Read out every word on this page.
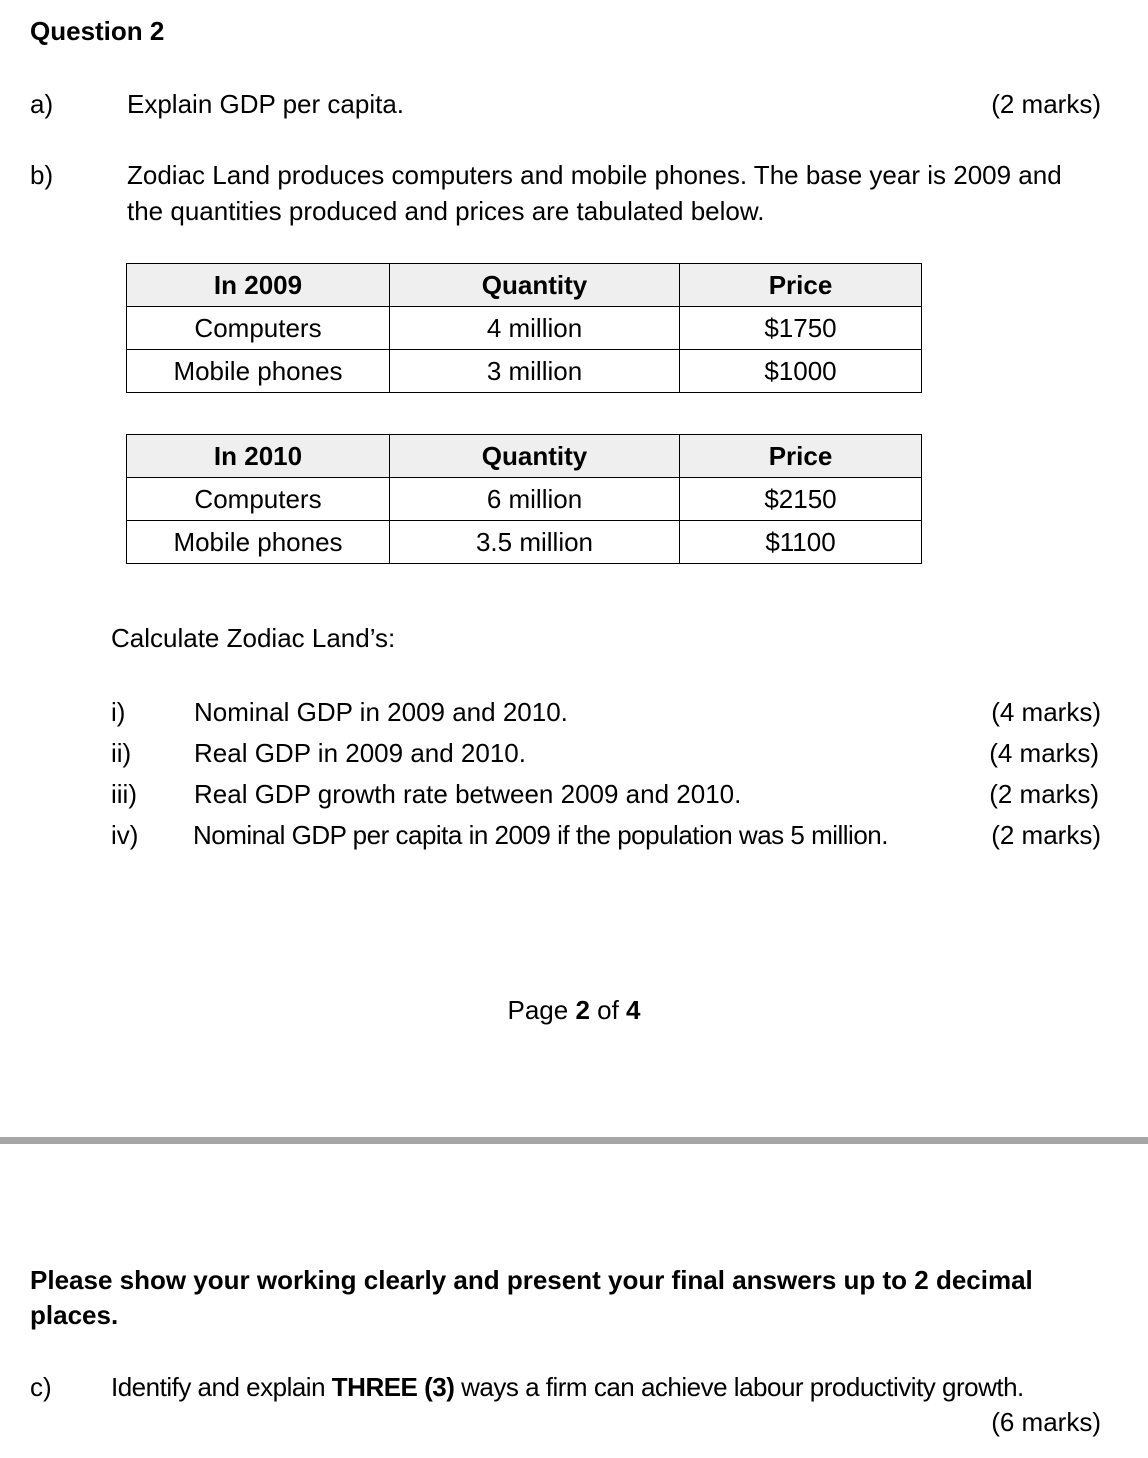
Question 2
a)	Explain GDP per capita.	(2 marks)
b)	Zodiac Land produces computers and mobile phones. The base year is 2009 and
the quantities produced and prices are tabulated below.
In 2009	Quantity	Price
Computers	4 million	$1750
Mobile phones	3 million	$1000
In 2010	Quantity	Price
Computers	6 million	$2150
Mobile phones	3.5 million	$1100
Calculate Zodiac Land’s:
i)	Nominal GDP in 2009 and 2010.	(4 marks)
ii) Real GDP in 2009 and 2010.	(4 marks)
iii) Real GDP growth rate between 2009 and 2010.	(2 marks)
iv) Nominal GDP per capita in 2009 if the population was 5 million.	(2 marks)
Page 2 of 4
Please show your working clearly and present your final answers up to 2 decimal
places.
c) Identify and explain THREE (3) ways a firm can achieve labour productivity growth.
(6 marks)
